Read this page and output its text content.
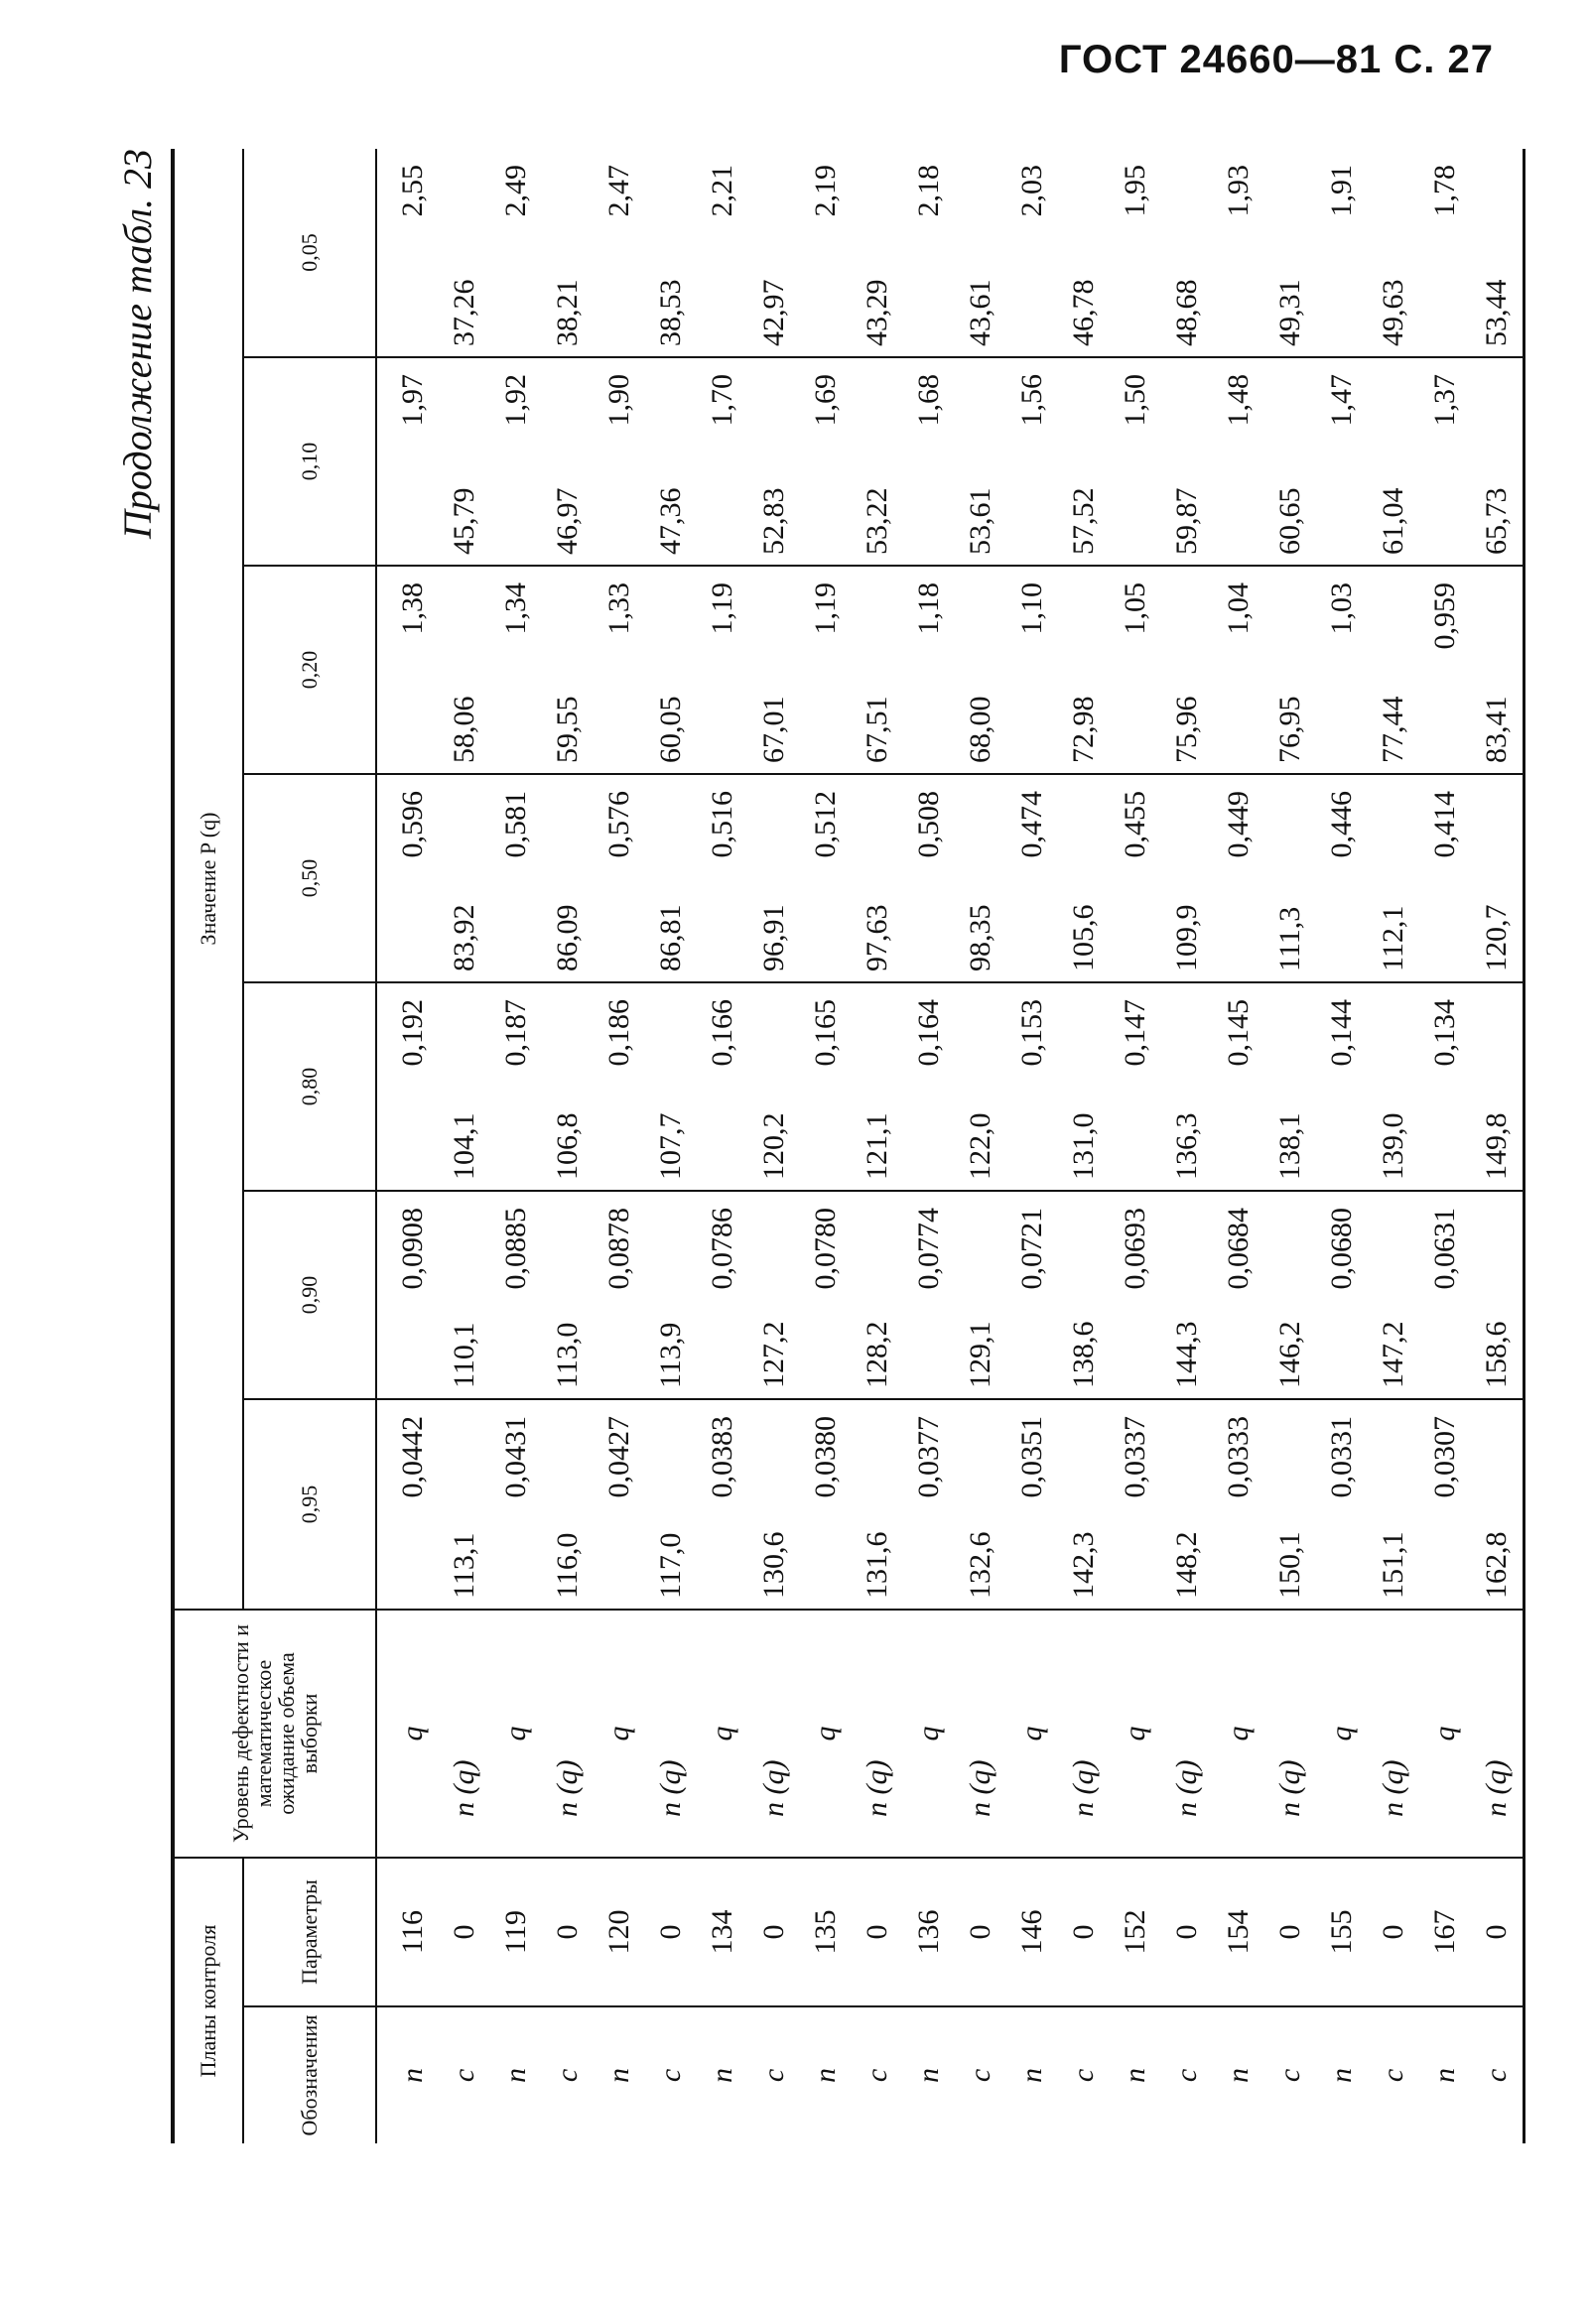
ГОСТ 24660—81 С. 27
Продолжение табл. 23
Планы контроля		Уровень дефектности и математическое ожидание объема выборки	Значение P (q)						
Обозначения	Параметры		0,95	0,90	0,80	0,50	0,20	0,10	0,05
n	116	q	0,0442	0,0908	0,192	0,596	1,38	1,97	2,55
c	0	n (q)	113,1	110,1	104,1	83,92	58,06	45,79	37,26
n	119	q	0,0431	0,0885	0,187	0,581	1,34	1,92	2,49
c	0	n (q)	116,0	113,0	106,8	86,09	59,55	46,97	38,21
n	120	q	0,0427	0,0878	0,186	0,576	1,33	1,90	2,47
c	0	n (q)	117,0	113,9	107,7	86,81	60,05	47,36	38,53
n	134	q	0,0383	0,0786	0,166	0,516	1,19	1,70	2,21
c	0	n (q)	130,6	127,2	120,2	96,91	67,01	52,83	42,97
n	135	q	0,0380	0,0780	0,165	0,512	1,19	1,69	2,19
c	0	n (q)	131,6	128,2	121,1	97,63	67,51	53,22	43,29
n	136	q	0,0377	0,0774	0,164	0,508	1,18	1,68	2,18
c	0	n (q)	132,6	129,1	122,0	98,35	68,00	53,61	43,61
n	146	q	0,0351	0,0721	0,153	0,474	1,10	1,56	2,03
c	0	n (q)	142,3	138,6	131,0	105,6	72,98	57,52	46,78
n	152	q	0,0337	0,0693	0,147	0,455	1,05	1,50	1,95
c	0	n (q)	148,2	144,3	136,3	109,9	75,96	59,87	48,68
n	154	q	0,0333	0,0684	0,145	0,449	1,04	1,48	1,93
c	0	n (q)	150,1	146,2	138,1	111,3	76,95	60,65	49,31
n	155	q	0,0331	0,0680	0,144	0,446	1,03	1,47	1,91
c	0	n (q)	151,1	147,2	139,0	112,1	77,44	61,04	49,63
n	167	q	0,0307	0,0631	0,134	0,414	0,959	1,37	1,78
c	0	n (q)	162,8	158,6	149,8	120,7	83,41	65,73	53,44
